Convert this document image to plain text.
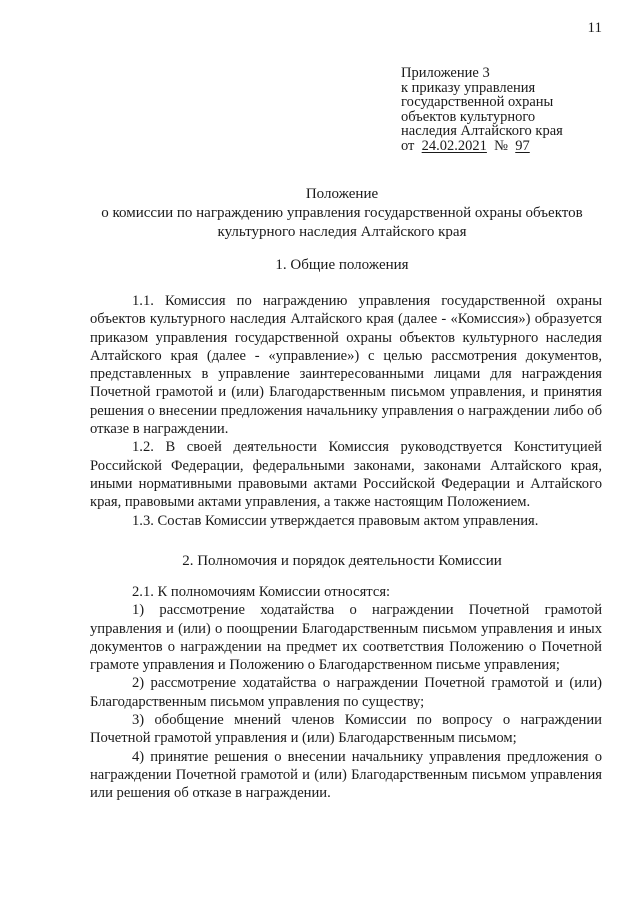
11
Приложение 3
к приказу управления
государственной охраны
объектов культурного
наследия Алтайского края
от 24.02.2021 № 97
Положение
о комиссии по награждению управления государственной охраны объектов
культурного наследия Алтайского края
1. Общие положения

1.1. Комиссия по награждению управления государственной охраны объектов культурного наследия Алтайского края (далее - «Комиссия») образуется приказом управления государственной охраны объектов культурного наследия Алтайского края (далее - «управление») с целью рассмотрения документов, представленных в управление заинтересованными лицами для награждения Почетной грамотой и (или) Благодарственным письмом управления, и принятия решения о внесении предложения начальнику управления о награждении либо об отказе в награждении.

1.2. В своей деятельности Комиссия руководствуется Конституцией Российской Федерации, федеральными законами, законами Алтайского края, иными нормативными правовыми актами Российской Федерации и Алтайского края, правовыми актами управления, а также настоящим Положением.

1.3. Состав Комиссии утверждается правовым актом управления.

2. Полномочия и порядок деятельности Комиссии

2.1. К полномочиям Комиссии относятся:

1) рассмотрение ходатайства о награждении Почетной грамотой управления и (или) о поощрении Благодарственным письмом управления и иных документов о награждении на предмет их соответствия Положению о Почетной грамоте управления и Положению о Благодарственном письме управления;

2) рассмотрение ходатайства о награждении Почетной грамотой и (или) Благодарственным письмом управления по существу;

3) обобщение мнений членов Комиссии по вопросу о награждении Почетной грамотой управления и (или) Благодарственным письмом;

4) принятие решения о внесении начальнику управления предложения о награждении Почетной грамотой и (или) Благодарственным письмом управления или решения об отказе в награждении.
